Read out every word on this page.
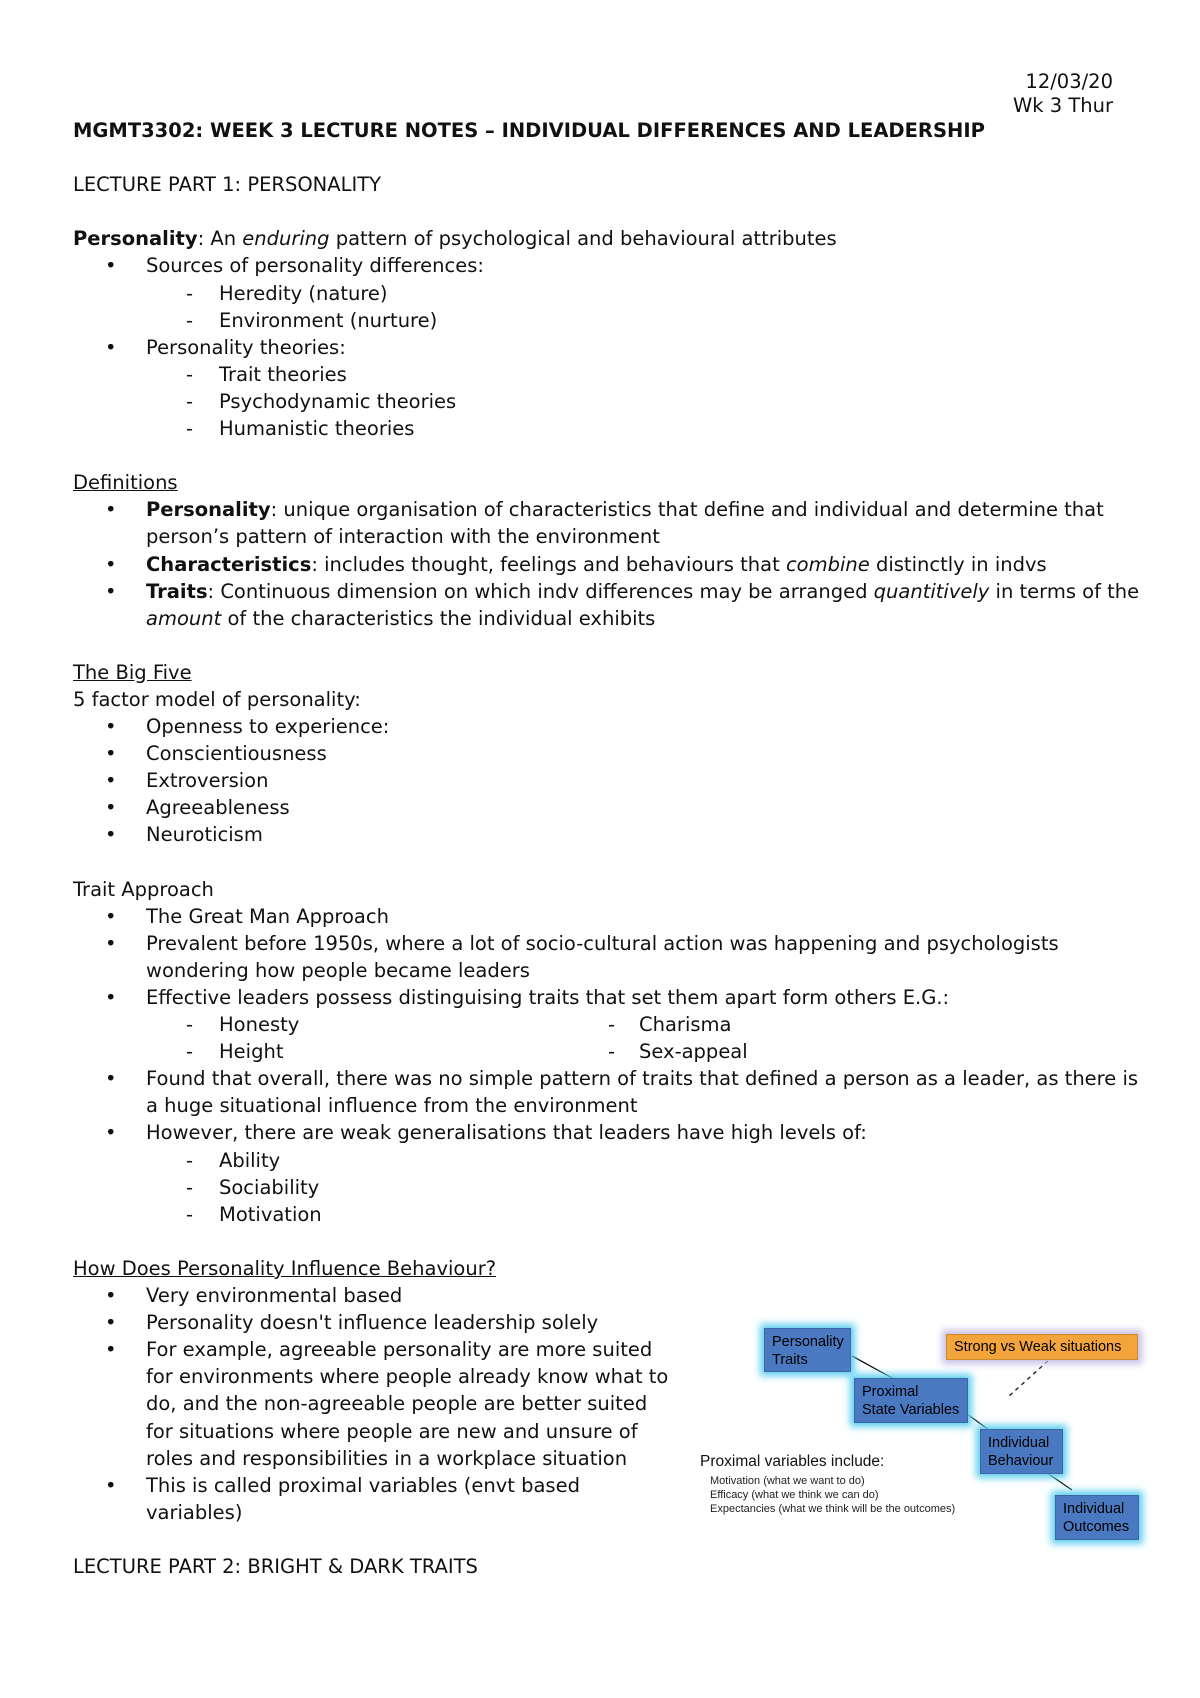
12/03/20
Wk 3 Thur

MGMT3302: WEEK 3 LECTURE NOTES – INDIVIDUAL DIFFERENCES AND LEADERSHIP

LECTURE PART 1: PERSONALITY

Personality: An enduring pattern of psychological and behavioural attributes

• Sources of personality differences:
- Heredity (nature)
- Environment (nurture)
• Personality theories:
- Trait theories
- Psychodynamic theories
- Humanistic theories

Definitions

• Personality: unique organisation of characteristics that define and individual and determine that person’s pattern of interaction with the environment
• Characteristics: includes thought, feelings and behaviours that combine distinctly in indvs
• Traits: Continuous dimension on which indv differences may be arranged quantitively in terms of the amount of the characteristics the individual exhibits

The Big Five

5 factor model of personality:

• Openness to experience:
• Conscientiousness
• Extroversion
• Agreeableness
• Neuroticism

Trait Approach

• The Great Man Approach
• Prevalent before 1950s, where a lot of socio-cultural action was happening and psychologists wondering how people became leaders
• Effective leaders possess distinguising traits that set them apart form others E.G.:
- Honesty
- Height
- Charisma
- Sex-appeal
• Found that overall, there was no simple pattern of traits that defined a person as a leader, as there is a huge situational influence from the environment
• However, there are weak generalisations that leaders have high levels of:
- Ability
- Sociability
- Motivation

How Does Personality Influence Behaviour?

• Very environmental based
• Personality doesn't influence leadership solely
• For example, agreeable personality are more suited for environments where people already know what to do, and the non-agreeable people are better suited for situations where people are new and unsure of roles and responsibilities in a workplace situation
• This is called proximal variables (envt based variables)

LECTURE PART 2: BRIGHT & DARK TRAITS

Personality
Traits
Proximal
State Variables
Strong vs Weak situations
Individual
Behaviour
Individual
Outcomes
Proximal variables include:
Motivation (what we want to do)
Efficacy (what we think we can do)
Expectancies (what we think will be the outcomes)
